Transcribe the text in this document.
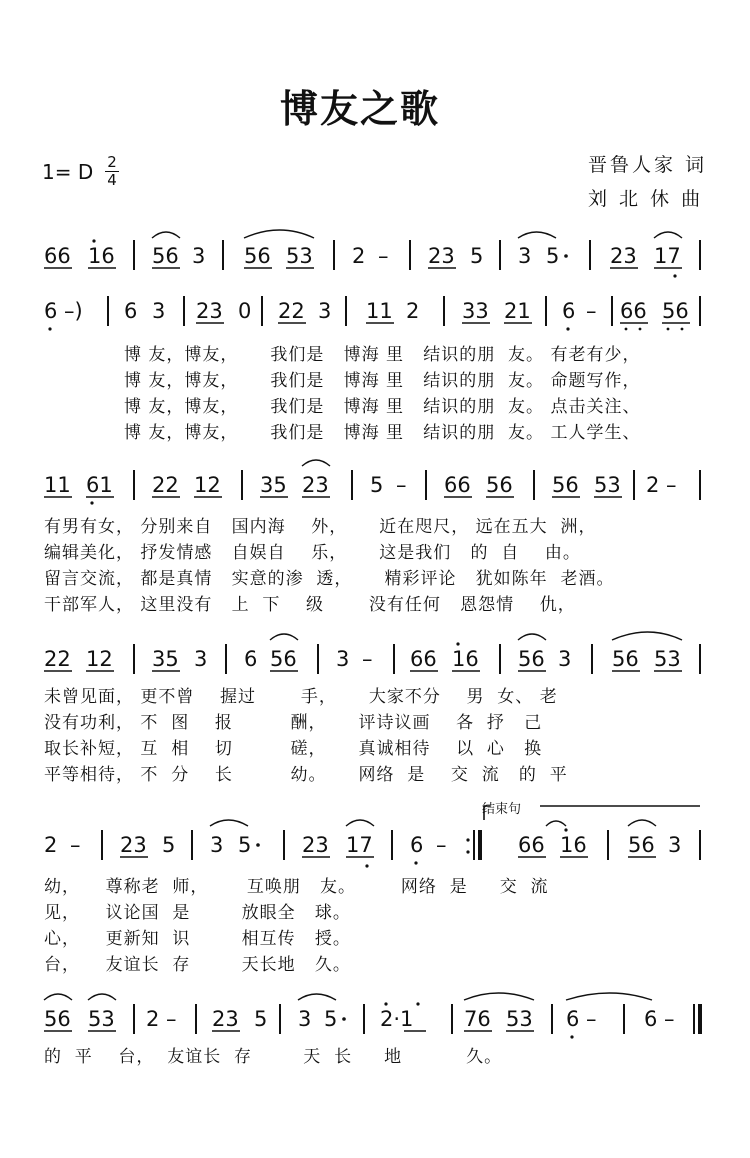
博友之歌
1= D 2
4
晋鲁人家 词
刘 北 休 曲
66 16 56 3 56 53 2 – 23 5 3 5 23 17
6 –) 6 3 23 0 22 3 11 2 33 21 6 – 66 56
11 61 22 12 35 23 5 – 66 56 56 53 2 –
22 12 35 3 6 56 3 – 66 16 56 3 56 53
2 – 23 5 3 5 23 17 6 –	66 16 56 3
56 53 2 – 23 5 3 5 2·1 76 53 6 – 6 –
结束句
博 友，博友，     我们是   博海 里   结识的朋  友。 有老有少，
博 友，博友，     我们是   博海 里   结识的朋  友。 命题写作，
博 友，博友，     我们是   博海 里   结识的朋  友。 点击关注、
博 友，博友，     我们是   博海 里   结识的朋  友。 工人学生、
有男有女， 分别来自   国内海    外，     近在咫尺， 远在五大  洲，
编辑美化， 抒发情感   自娱自    乐，     这是我们   的  自    由。
留言交流， 都是真情   实意的渗  透，     精彩评论   犹如陈年  老酒。
干部军人， 这里没有   上  下    级       没有任何   恩怨情    仇，
未曾见面， 更不曾    握过       手，     大家不分    男  女、 老
没有功利， 不  图    报         酬，     评诗议画    各  抒   己
取长补短， 互  相    切         磋，     真诚相待    以  心   换
平等相待， 不  分    长         幼。     网络  是    交  流   的  平
幼，    尊称老  师，      互唤朋   友。       网络  是     交  流
见，    议论国  是        放眼全   球。
心，    更新知  识        相互传   授。
台，    友谊长  存        天长地   久。
的  平    台，  友谊长  存        天  长     地          久。
